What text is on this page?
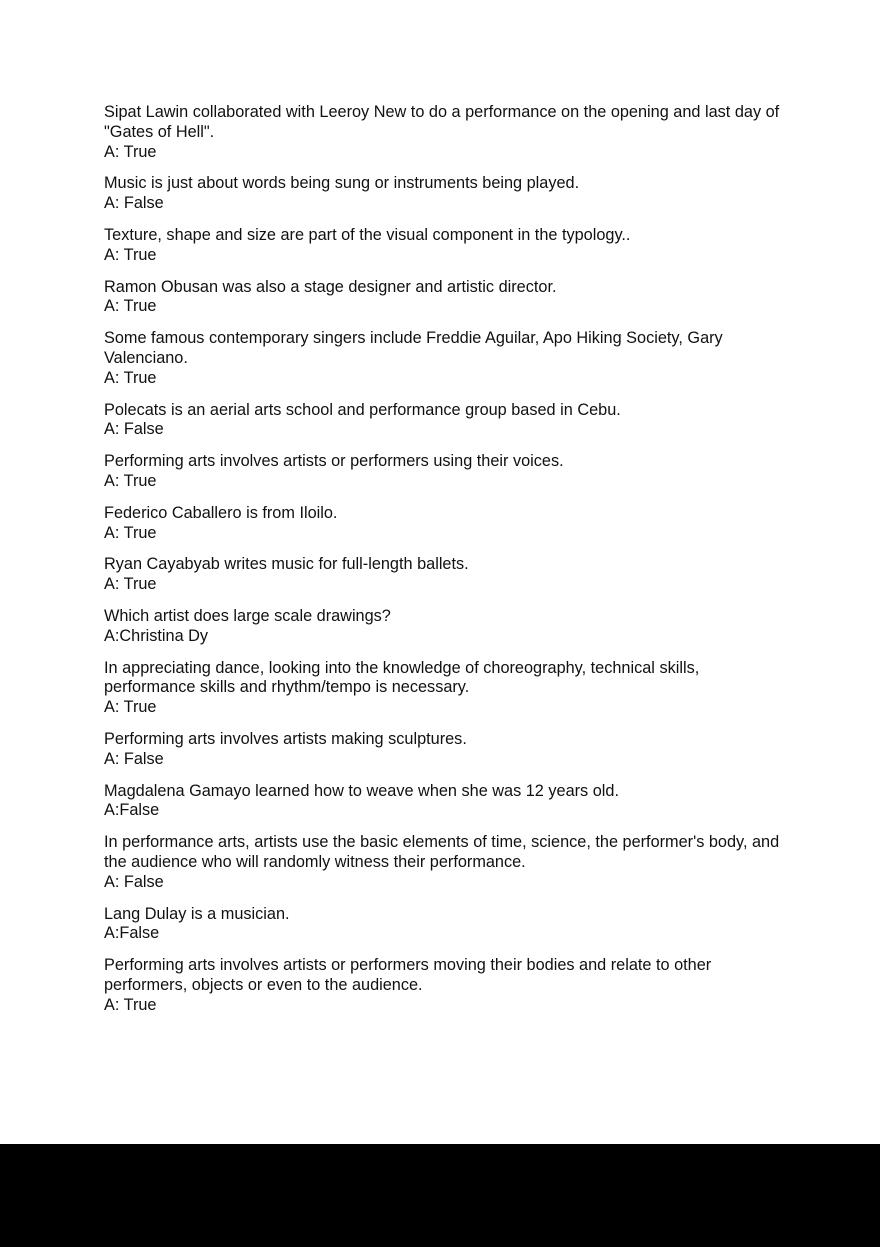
Sipat Lawin collaborated with Leeroy New to do a performance on the opening and last day of "Gates of Hell".
A: True
Music is just about words being sung or instruments being played.
A: False
Texture, shape and size are part of the visual component in the typology..
A: True
Ramon Obusan was also a stage designer and artistic director.
A: True
Some famous contemporary singers include Freddie Aguilar, Apo Hiking Society, Gary Valenciano.
A: True
Polecats is an aerial arts school and performance group based in Cebu.
A: False
Performing arts involves artists or performers using their voices.
A: True
Federico Caballero is from Iloilo.
A: True
Ryan Cayabyab writes music for full-length ballets.
A: True
Which artist does large scale drawings?
A:Christina Dy
In appreciating dance, looking into the knowledge of choreography, technical skills, performance skills and rhythm/tempo is necessary.
A: True
Performing arts involves artists making sculptures.
A: False
Magdalena Gamayo learned how to weave when she was 12 years old.
A:False
In performance arts, artists use the basic elements of time, science, the performer's body, and the audience who will randomly witness their performance.
A: False
Lang Dulay is a musician.
A:False
Performing arts involves artists or performers moving their bodies and relate to other performers, objects or even to the audience.
A: True
